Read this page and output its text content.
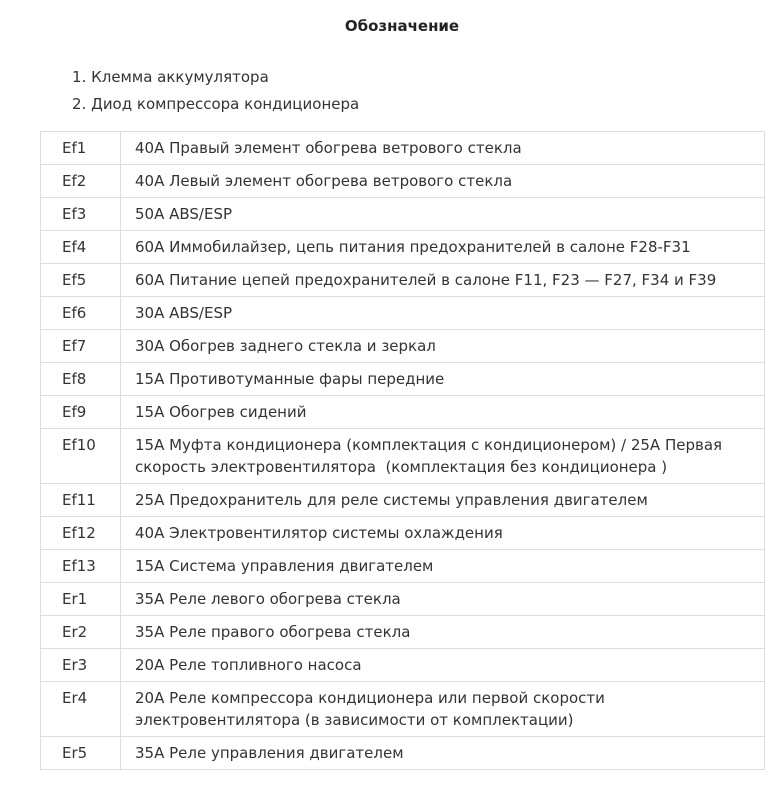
Обозначение
1. Клемма аккумулятора
2. Диод компрессора кондиционера
Ef1	40А Правый элемент обогрева ветрового стекла
Ef2	40А Левый элемент обогрева ветрового стекла
Ef3	50А ABS/ESP
Ef4	60А Иммобилайзер, цепь питания предохранителей в салоне F28-F31
Ef5	60А Питание цепей предохранителей в салоне F11, F23 — F27, F34 и F39
Ef6	30А ABS/ESP
Ef7	30А Обогрев заднего стекла и зеркал
Ef8	15А Противотуманные фары передние
Ef9	15А Обогрев сидений
Ef10	15А Муфта кондиционера (комплектация с кондиционером) / 25А Первая
скорость электровентилятора  (комплектация без кондиционера )
Ef11	25А Предохранитель для реле системы управления двигателем
Ef12	40А Электровентилятор системы охлаждения
Ef13	15А Система управления двигателем
Er1	35А Реле левого обогрева стекла
Er2	35А Реле правого обогрева стекла
Er3	20А Реле топливного насоса
Er4	20А Реле компрессора кондиционера или первой скорости
электровентилятора (в зависимости от комплектации)
Er5	35А Реле управления двигателем
